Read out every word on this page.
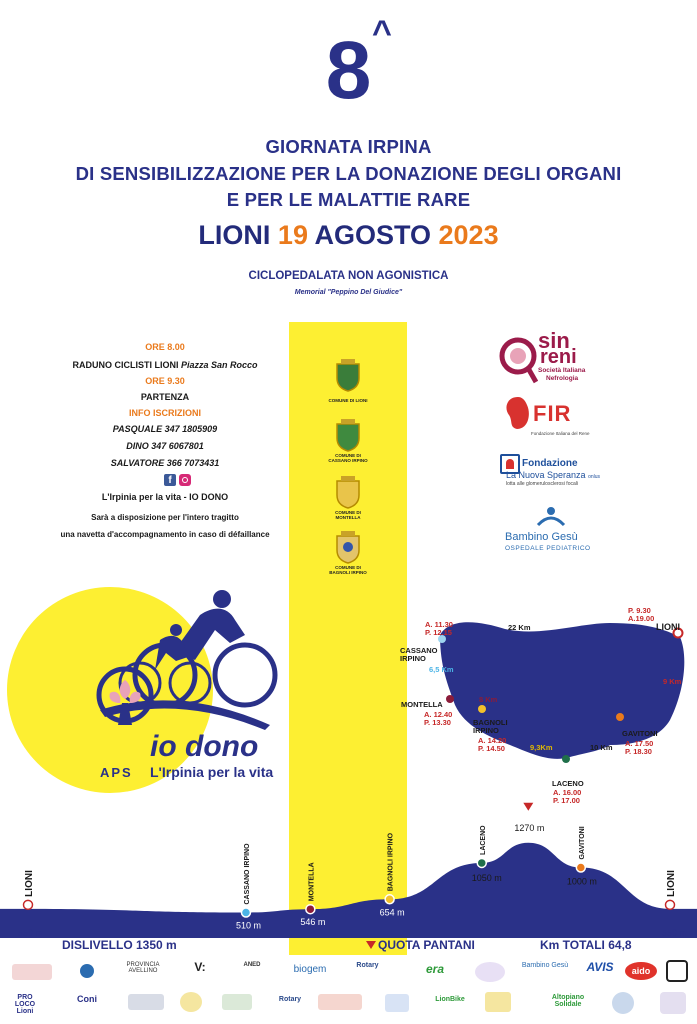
8 ^
GIORNATA IRPINA
DI SENSIBILIZZAZIONE PER LA DONAZIONE DEGLI ORGANI
E PER LE MALATTIE RARE
LIONI 19 AGOSTO 2023
CICLOPEDALATA NON AGONISTICA
Memorial "Peppino Del Giudice"
ORE 8.00
RADUNO CICLISTI LIONI Piazza San Rocco
ORE 9.30
PARTENZA
INFO ISCRIZIONI
PASQUALE 347 1805909
DINO 347 6067801
SALVATORE 366 7073431
f
L'Irpinia per la vita - IO DONO
Sarà a disposizione per l'intero tragitto
una navetta d'accompagnamento in caso di défaillance
COMUNE DI LIONI
COMUNE DI
CASSANO IRPINO
COMUNE DI
MONTELLA
COMUNE DI
BAGNOLI IRPINO
sin
reni
Società Italiana
Nefrologia
FIR
Fondazione Italiana del Rene
Fondazione
La Nuova Speranza onlus
lotta alle glomerulosclerosi focali
Bambino Gesù
OSPEDALE PEDIATRICO
io dono
APS L'Irpinia per la vita
P. 9.30
A.19.00
LIONI
A. 11.30
P. 12.15
CASSANO IRPINO
6,5 Km
22 Km
9 Km
8 Km
MONTELLA
A. 12.40
P. 13.30	BAGNOLI IRPINO
A. 14.20
P. 14.50	9,3Km	10 Km
GAVITONI
A. 17.50
P. 18.30
LACENO
A. 16.00
P. 17.00
550 m
LIONI
510 m
CASSANO IRPINO
546 m
MONTELLA
654 m
BAGNOLI IRPINO	1050 m
LACENO	1270 m
1000 m
GAVITONI
550 m
LIONI
DISLIVELLO 1350 m	QUOTA PANTANI	Km TOTALI 64,8
PROVINCIA AVELLINO	V:	ANED	biogem	Rotary	era	Bambino Gesù	AVIS	aido
PRO LOCO Lioni
Coni	Rotary	LionBike	Altopiano Solidale
